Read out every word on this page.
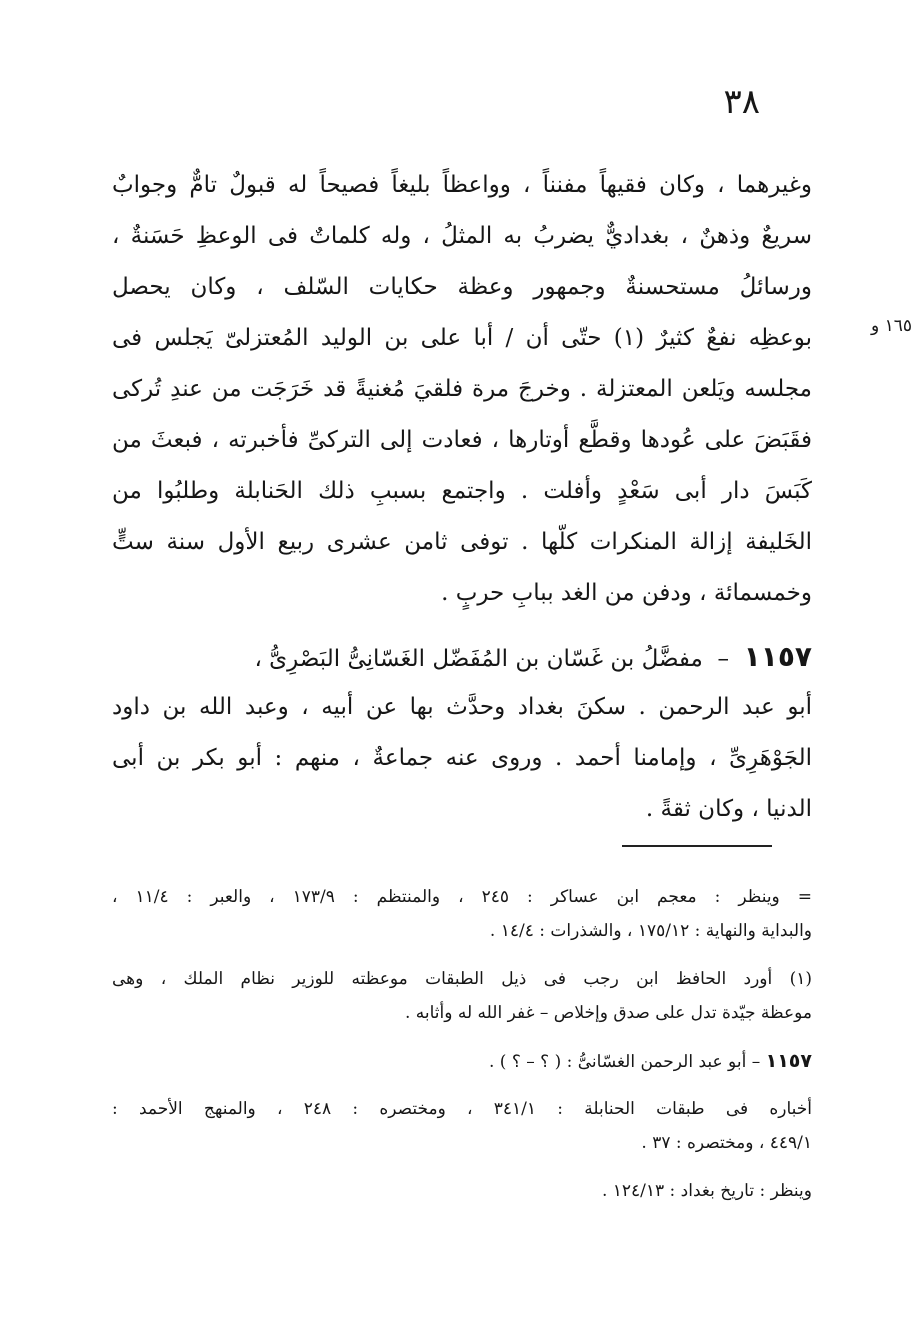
٣٨
١٦٥ و
وغيرهما ، وكان فقيهاً مفنناً ، وواعظاً بليغاً فصيحاً له قبولٌ تامٌّ وجوابٌ
سريعٌ وذهنٌ ، بغداديٌّ يضربُ به المثلُ ، وله كلماتٌ فى الوعظِ حَسَنةٌ ،
ورسائلُ مستحسنةٌ وجمهور وعظة حكايات السّلف ، وكان يحصل
بوعظِه نفعٌ كثيرٌ (١) حتّى أن / أبا على بن الوليد المُعتزلىّ يَجلس فى
مجلسه ويَلعن المعتزلة . وخرجَ مرة فلقيَ مُغنيةً قد خَرَجَت من عندِ تُركى
فقَبَضَ على عُودها وقطَّع أوتارها ، فعادت إلى التركىِّ فأخبرته ، فبعثَ من
كَبَسَ دار أبى سَعْدٍ وأفلت . واجتمع بسببِ ذلك الحَنابلة وطلبُوا من
الخَليفة إزالة المنكرات كلّها . توفى ثامن عشرى ربيع الأول سنة ستٍّ
وخمسمائة ، ودفن من الغد ببابِ حربٍ .
١١٥٧  –  مفضَّلُ بن غَسّان بن المُفَضّل الغَسّانِىُّ البَصْرِىُّ ،
أبو عبد الرحمن . سكنَ بغداد وحدَّث بها عن أبيه ، وعبد الله بن داود
الجَوْهَرِىِّ ، وإمامنا أحمد . وروى عنه جماعةٌ ، منهم : أبو بكر بن أبى
الدنيا ، وكان ثقةً .
= وينظر : معجم ابن عساكر : ٢٤٥ ، والمنتظم : ١٧٣/٩ ، والعبر : ١١/٤ ،
والبداية والنهاية : ١٧٥/١٢ ، والشذرات : ١٤/٤ .
(١) أورد الحافظ ابن رجب فى ذيل الطبقات موعظته للوزير نظام الملك ، وهى
موعظة جيّدة تدل على صدق وإخلاص – غفر الله له وأثابه .
١١٥٧ – أبو عبد الرحمن الغسّانىُّ : ( ؟ – ؟ ) .
أخباره فى طبقات الحنابلة : ٣٤١/١ ، ومختصره : ٢٤٨ ، والمنهج الأحمد :
٤٤٩/١ ، ومختصره : ٣٧ .
وينظر : تاريخ بغداد : ١٢٤/١٣ .
